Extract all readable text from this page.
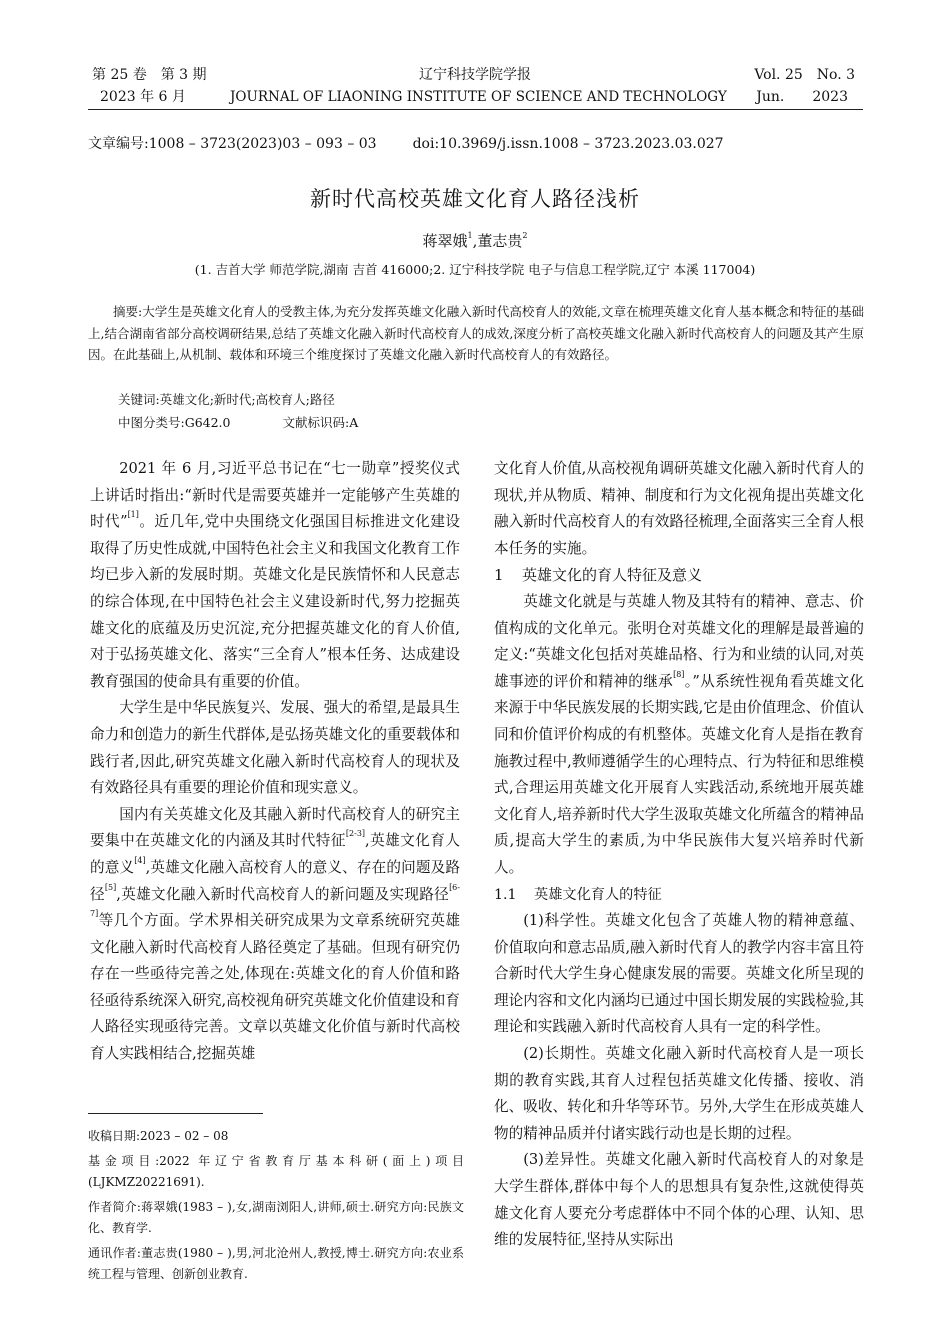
第 25 卷　第 3 期
2023 年 6 月
辽宁科技学院学报
JOURNAL OF LIAONING INSTITUTE OF SCIENCE AND TECHNOLOGY
Vol. 25　No. 3
Jun.　　2023
文章编号:1008 – 3723(2023)03 – 093 – 03	doi:10.3969/j.issn.1008 – 3723.2023.03.027
新时代高校英雄文化育人路径浅析
蒋翠娥$^1$,董志贵$^2$
(1. 吉首大学 师范学院,湖南 吉首 416000;2. 辽宁科技学院 电子与信息工程学院,辽宁 本溪 117004)

摘要:大学生是英雄文化育人的受教主体,为充分发挥英雄文化融入新时代高校育人的效能,文章在梳理英雄文化育人基本概念和特征的基础上,结合湖南省部分高校调研结果,总结了英雄文化融入新时代高校育人的成效,深度分析了高校英雄文化融入新时代高校育人的问题及其产生原因。在此基础上,从机制、载体和环境三个维度探讨了英雄文化融入新时代高校育人的有效路径。

关键词:英雄文化;新时代;高校育人;路径
中图分类号:G642.0	文献标识码:A

2021 年 6 月,习近平总书记在“七一勋章”授奖仪式上讲话时指出:“新时代是需要英雄并一定能够产生英雄的时代”[1]。近几年,党中央围绕文化强国目标推进文化建设取得了历史性成就,中国特色社会主义和我国文化教育工作均已步入新的发展时期。英雄文化是民族情怀和人民意志的综合体现,在中国特色社会主义建设新时代,努力挖掘英雄文化的底蕴及历史沉淀,充分把握英雄文化的育人价值,对于弘扬英雄文化、落实“三全育人”根本任务、达成建设教育强国的使命具有重要的价值。

大学生是中华民族复兴、发展、强大的希望,是最具生命力和创造力的新生代群体,是弘扬英雄文化的重要载体和践行者,因此,研究英雄文化融入新时代高校育人的现状及有效路径具有重要的理论价值和现实意义。

国内有关英雄文化及其融入新时代高校育人的研究主要集中在英雄文化的内涵及其时代特征[2-3],英雄文化育人的意义[4],英雄文化融入高校育人的意义、存在的问题及路径[5],英雄文化融入新时代高校育人的新问题及实现路径[6-7]等几个方面。学术界相关研究成果为文章系统研究英雄文化融入新时代高校育人路径奠定了基础。但现有研究仍存在一些亟待完善之处,体现在:英雄文化的育人价值和路径亟待系统深入研究,高校视角研究英雄文化价值建设和育人路径实现亟待完善。文章以英雄文化价值与新时代高校育人实践相结合,挖掘英雄

收稿日期:2023 – 02 – 08

基金项目:2022 年辽宁省教育厅基本科研(面上)项目(LJKMZ20221691).

作者简介:蒋翠娥(1983 – ),女,湖南浏阳人,讲师,硕士.研究方向:民族文化、教育学.

通讯作者:董志贵(1980 – ),男,河北沧州人,教授,博士.研究方向:农业系统工程与管理、创新创业教育.

文化育人价值,从高校视角调研英雄文化融入新时代育人的现状,并从物质、精神、制度和行为文化视角提出英雄文化融入新时代高校育人的有效路径梳理,全面落实三全育人根本任务的实施。

1 英雄文化的育人特征及意义

英雄文化就是与英雄人物及其特有的精神、意志、价值构成的文化单元。张明仓对英雄文化的理解是最普遍的定义:“英雄文化包括对英雄品格、行为和业绩的认同,对英雄事迹的评价和精神的继承[8]。”从系统性视角看英雄文化来源于中华民族发展的长期实践,它是由价值理念、价值认同和价值评价构成的有机整体。英雄文化育人是指在教育施教过程中,教师遵循学生的心理特点、行为特征和思维模式,合理运用英雄文化开展育人实践活动,系统地开展英雄文化育人,培养新时代大学生汲取英雄文化所蕴含的精神品质,提高大学生的素质,为中华民族伟大复兴培养时代新人。

1.1 英雄文化育人的特征

(1)科学性。英雄文化包含了英雄人物的精神意蕴、价值取向和意志品质,融入新时代育人的教学内容丰富且符合新时代大学生身心健康发展的需要。英雄文化所呈现的理论内容和文化内涵均已通过中国长期发展的实践检验,其理论和实践融入新时代高校育人具有一定的科学性。

(2)长期性。英雄文化融入新时代高校育人是一项长期的教育实践,其育人过程包括英雄文化传播、接收、消化、吸收、转化和升华等环节。另外,大学生在形成英雄人物的精神品质并付诸实践行动也是长期的过程。

(3)差异性。英雄文化融入新时代高校育人的对象是大学生群体,群体中每个人的思想具有复杂性,这就使得英雄文化育人要充分考虑群体中不同个体的心理、认知、思维的发展特征,坚持从实际出
